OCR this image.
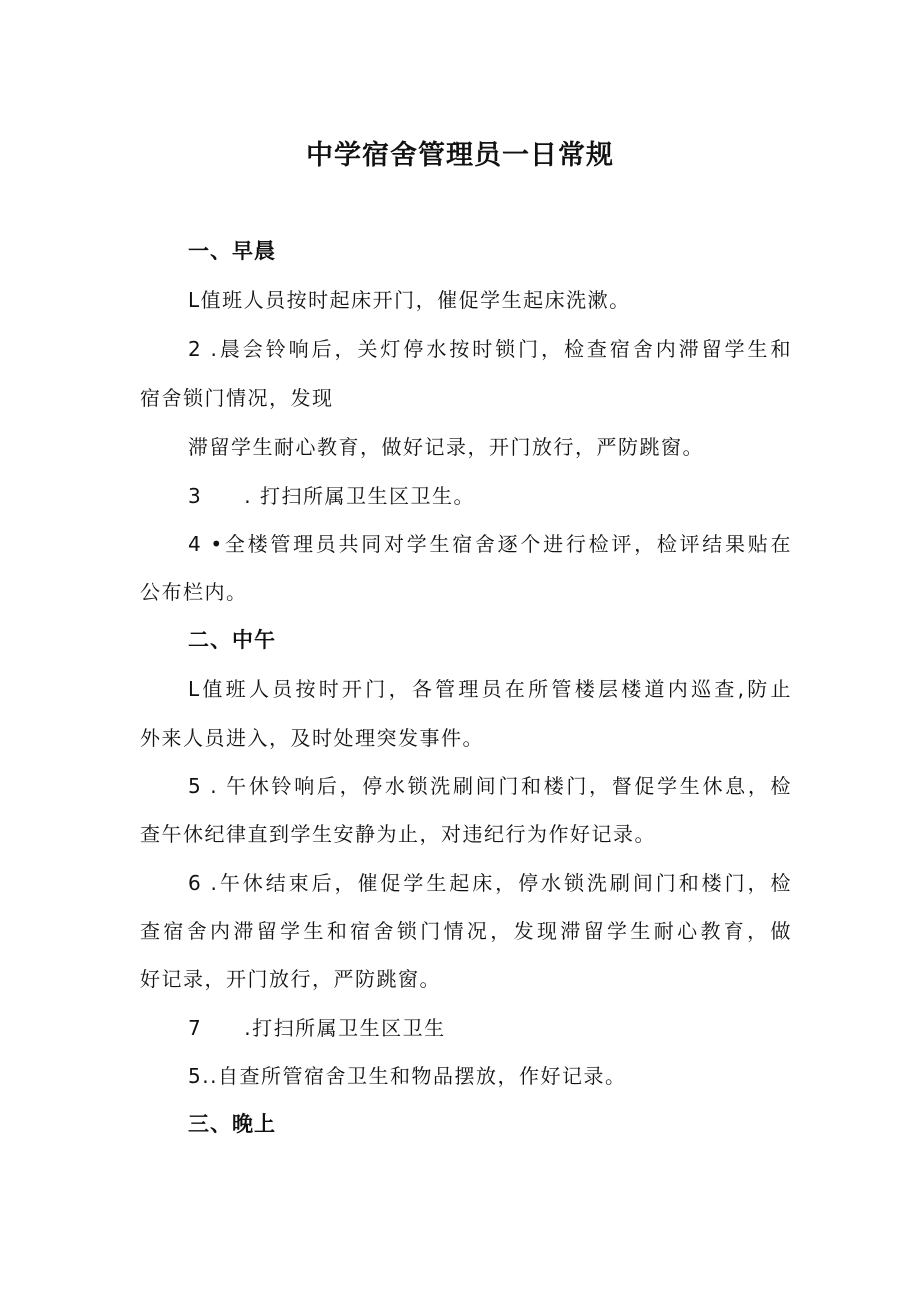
中学宿舍管理员一日常规
一、早晨
L值班人员按时起床开门，催促学生起床洗漱。
2 .晨会铃响后，关灯停水按时锁门，检查宿舍内滞留学生和
宿舍锁门情况，发现
滞留学生耐心教育，做好记录，开门放行，严防跳窗。
3 . 打扫所属卫生区卫生。
4 •全楼管理员共同对学生宿舍逐个进行检评，检评结果贴在
公布栏内。
二、中午
L值班人员按时开门，各管理员在所管楼层楼道内巡查,防止
外来人员进入，及时处理突发事件。
5 . 午休铃响后，停水锁洗刷间门和楼门，督促学生休息，检
查午休纪律直到学生安静为止，对违纪行为作好记录。
6 .午休结束后，催促学生起床，停水锁洗刷间门和楼门，检
查宿舍内滞留学生和宿舍锁门情况，发现滞留学生耐心教育，做
好记录，开门放行，严防跳窗。
7 .打扫所属卫生区卫生
5..自查所管宿舍卫生和物品摆放，作好记录。
三、晚上
